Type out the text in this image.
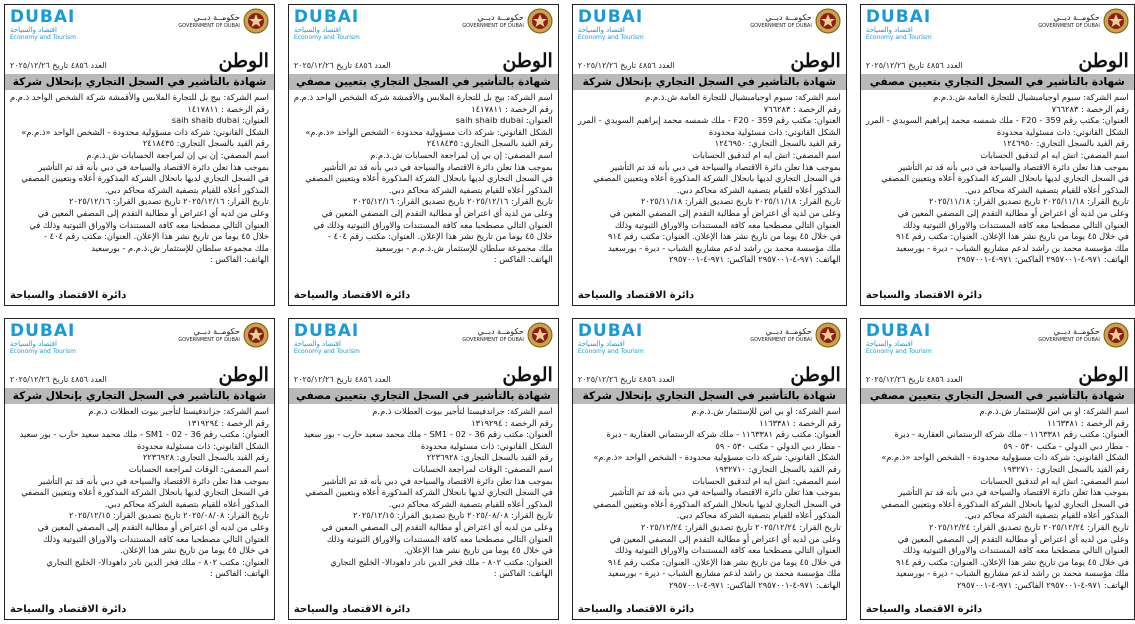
DUBAI
اقتصاد والسياحة
Economy and Tourism
حكومــة دبــي
GOVERNMENT OF DUBAI
الوطن
العدد ٤٨٥٦ تاريخ ٢٠٢٥/١٢/٢٦
شهادة بالتأشير في السجل التجاري بإنحلال شركة
اسم الشركة: بيج بل للتجارة الملابس والأقمشة شركة الشخص الواحد ذ.م.م
رقم الرخصة : ١٤١٧٨١١
العنوان: saih shaib dubai
الشكل القانوني: شركة ذات مسؤولية محدودة - الشخص الواحد «ذ.م.م»
رقم القيد بالسجل التجاري: ٢٤١٨٤٣٥
اسم المصفي: إن بي إن لمراجعة الحسابات ش.ذ.م.م
بموجب هذا تعلن دائرة الاقتصاد والسياحة في دبي بأنه قد تم التأشير
في السجل التجاري لديها بانحلال الشركة المذكورة أعلاه وبتعيين المصفي
المذكور أعلاه للقيام بتصفية الشركة محاكم دبي.
تاريخ القرار: ٢٠٢٥/١٢/١٦ تاريخ تصديق القرار: ٢٠٢٥/١٢/١٦
وعلى من لديه أي اعتراض أو مطالبة التقدم إلى المصفي المعين في
العنوان التالي مصطحبا معه كافة المستندات والاوراق الثبوتية وذلك في
خلال ٤٥ يوما من تاريخ نشر هذا الإعلان. العنوان: مكتب رقم ٤٠٤ -
ملك مجموعة سلطان للإستثمار ش.ذ.م.م - بورسعيد
الهاتف: الفاكس :
دائرة الاقتصاد والسياحة
DUBAI
اقتصاد والسياحة
Economy and Tourism
حكومــة دبــي
GOVERNMENT OF DUBAI
الوطن
العدد ٤٨٥٦ تاريخ ٢٠٢٥/١٢/٢٦
شهادة بالتأشير في السجل التجاري بتعيين مصفي
اسم الشركة: بيج بل للتجارة الملابس والأقمشة شركة الشخص الواحد ذ.م.م
رقم الرخصة : ١٤١٧٨١١
العنوان: saih shaib dubai
الشكل القانوني: شركة ذات مسؤولية محدودة - الشخص الواحد «ذ.م.م»
رقم القيد بالسجل التجاري: ٢٤١٨٤٣٥
اسم المصفي: إن بي إن لمراجعة الحسابات ش.ذ.م.م
بموجب هذا تعلن دائرة الاقتصاد والسياحة في دبي بأنه قد تم التأشير
في السجل التجاري لديها بانحلال الشركة المذكورة أعلاه وبتعيين المصفي
المذكور أعلاه للقيام بتصفية الشركة محاكم دبي.
تاريخ القرار: ٢٠٢٥/١٢/١٦ تاريخ تصديق القرار: ٢٠٢٥/١٢/١٦
وعلى من لديه أي اعتراض أو مطالبة التقدم إلى المصفي المعين في
العنوان التالي مصطحبا معه كافة المستندات والاوراق الثبوتية وذلك في
خلال ٤٥ يوما من تاريخ نشر هذا الإعلان. العنوان: مكتب رقم ٤٠٤ -
ملك مجموعة سلطان للإستثمار ش.ذ.م.م - بورسعيد
الهاتف: الفاكس :
دائرة الاقتصاد والسياحة
DUBAI
اقتصاد والسياحة
Economy and Tourism
حكومــة دبــي
GOVERNMENT OF DUBAI
الوطن
العدد ٤٨٥٦ تاريخ ٢٠٢٥/١٢/٢٦
شهادة بالتأشير في السجل التجاري بإنحلال شركة
اسم الشركة: سيوم اوجيامبشيال للتجارة العامة ش.ذ.م.م
رقم الرخصة : ٧٦٦٢٨٣
العنوان: مكتب رقم 359 - F20 - ملك شمسه محمد إبراهيم السويدي - المرر
الشكل القانوني: ذات مسئولية محدودة
رقم القيد بالسجل التجاري: ١٢٤٦٩٥٠
اسم المصفي: اتش ايه ام لتدقيق الحسابات
بموجب هذا تعلن دائرة الاقتصاد والسياحة في دبي بأنه قد تم التأشير
في السجل التجاري لديها بانحلال الشركة المذكورة أعلاه وبتعيين المصفي
المذكور أعلاه للقيام بتصفية الشركة محاكم دبي.
تاريخ القرار: ٢٠٢٥/١١/١٨ تاريخ تصديق القرار: ٢٠٢٥/١١/١٨
وعلى من لديه أي اعتراض أو مطالبة التقدم إلى المصفي المعين في
العنوان التالي مصطحبا معه كافة المستندات والاوراق الثبوتية وذلك
في خلال ٤٥ يوما من تاريخ نشر هذا الإعلان. العنوان: مكتب رقم ٩١٤
ملك مؤسسة محمد بن راشد لدعم مشاريع الشباب - ديرة - بورسعيد
الهاتف: ٩٧١-٤-٢٩٥٧٠٠١ الفاكس: ٩٧١-٤-٢٩٥٧٠٠١
دائرة الاقتصاد والسياحة
DUBAI
اقتصاد والسياحة
Economy and Tourism
حكومــة دبــي
GOVERNMENT OF DUBAI
الوطن
العدد ٤٨٥٦ تاريخ ٢٠٢٥/١٢/٢٦
شهادة بالتأشير في السجل التجاري بتعيين مصفي
اسم الشركة: سيوم اوجيامبشيال للتجارة العامة ش.ذ.م.م
رقم الرخصة : ٧٦٦٢٨٣
العنوان: مكتب رقم 359 - F20 - ملك شمسه محمد إبراهيم السويدي - المرر
الشكل القانوني: ذات مسئولية محدودة
رقم القيد بالسجل التجاري: ١٢٤٦٩٥٠
اسم المصفي: اتش ايه ام لتدقيق الحسابات
بموجب هذا تعلن دائرة الاقتصاد والسياحة في دبي بأنه قد تم التأشير
في السجل التجاري لديها بانحلال الشركة المذكورة أعلاه وبتعيين المصفي
المذكور أعلاه للقيام بتصفية الشركة محاكم دبي.
تاريخ القرار: ٢٠٢٥/١١/١٨ تاريخ تصديق القرار: ٢٠٢٥/١١/١٨
وعلى من لديه أي اعتراض أو مطالبة التقدم إلى المصفي المعين في
العنوان التالي مصطحبا معه كافة المستندات والاوراق الثبوتية وذلك
في خلال ٤٥ يوما من تاريخ نشر هذا الإعلان. العنوان: مكتب رقم ٩١٤
ملك مؤسسة محمد بن راشد لدعم مشاريع الشباب - ديرة - بورسعيد
الهاتف: ٩٧١-٤-٢٩٥٧٠٠١ الفاكس: ٩٧١-٤-٢٩٥٧٠٠١
دائرة الاقتصاد والسياحة
DUBAI
اقتصاد والسياحة
Economy and Tourism
حكومــة دبــي
GOVERNMENT OF DUBAI
الوطن
العدد ٤٨٥٦ تاريخ ٢٠٢٥/١٢/٢٦
شهادة بالتأشير في السجل التجاري بإنحلال شركة
اسم الشركة: جراندفيستا لتأجير بيوت العطلات ذ.م.م
رقم الرخصة : ١٣١٩٢٩٤
العنوان: مكتب رقم 36 - 02 - SM1 - ملك محمد سعيد حارب - بور سعيد
الشكل القانوني: ذات مسئولية محدودة
رقم القيد بالسجل التجاري: ٢٢٣٦٩٢٨
اسم المصفي: الوقات لمراجعة الحسابات
بموجب هذا تعلن دائرة الاقتصاد والسياحة في دبي بأنه قد تم التأشير
في السجل التجاري لديها بانحلال الشركة المذكورة أعلاه وبتعيين المصفي
المذكور أعلاه للقيام بتصفية الشركة محاكم دبي.
تاريخ القرار: ٢٠٢٥/٠٨/٠٨ تاريخ تصديق القرار: ٢٠٢٥/١٢/١٥
وعلى من لديه أي اعتراض أو مطالبة التقدم إلى المصفي المعين في
العنوان التالي مصطحبا معه كافة المستندات والاوراق الثبوتية وذلك
في خلال ٤٥ يوما من تاريخ نشر هذا الإعلان.
العنوان: مكتب ٨٠٢ - ملك فخر الدين نادر داهودالا- الخليج التجاري
الهاتف: الفاكس :
دائرة الاقتصاد والسياحة
DUBAI
اقتصاد والسياحة
Economy and Tourism
حكومــة دبــي
GOVERNMENT OF DUBAI
الوطن
العدد ٤٨٥٦ تاريخ ٢٠٢٥/١٢/٢٦
شهادة بالتأشير في السجل التجاري بتعيين مصفي
اسم الشركة: جراندفيستا لتأجير بيوت العطلات ذ.م.م
رقم الرخصة : ١٣١٩٢٩٤
العنوان: مكتب رقم 36 - 02 - SM1 - ملك محمد سعيد حارب - بور سعيد
الشكل القانوني: ذات مسئولية محدودة
رقم القيد بالسجل التجاري: ٢٢٣٦٩٢٨
اسم المصفي: الوقات لمراجعة الحسابات
بموجب هذا تعلن دائرة الاقتصاد والسياحة في دبي بأنه قد تم التأشير
في السجل التجاري لديها بانحلال الشركة المذكورة أعلاه وبتعيين المصفي
المذكور أعلاه للقيام بتصفية الشركة محاكم دبي.
تاريخ القرار: ٢٠٢٥/٠٨/٠٨ تاريخ تصديق القرار: ٢٠٢٥/١٢/١٥
وعلى من لديه أي اعتراض أو مطالبة التقدم إلى المصفي المعين في
العنوان التالي مصطحبا معه كافة المستندات والاوراق الثبوتية وذلك
في خلال ٤٥ يوما من تاريخ نشر هذا الإعلان.
العنوان: مكتب ٨٠٢ - ملك فخر الدين نادر داهودالا- الخليج التجاري
الهاتف: الفاكس :
دائرة الاقتصاد والسياحة
DUBAI
اقتصاد والسياحة
Economy and Tourism
حكومــة دبــي
GOVERNMENT OF DUBAI
الوطن
العدد ٤٨٥٦ تاريخ ٢٠٢٥/١٢/٢٦
شهادة بالتأشير في السجل التجاري بإنحلال شركة
اسم الشركة: او بي اس للإستثمار ش.ذ.م.م
رقم الرخصة : ١١٦٣٣٨١
العنوان: مكتب رقم ١١٦٣٣٨١ - ملك شركة الرستماني العقارية - ديرة
- مطار دبي الدولي - مكتب ٥٣٠ - ٥٩
الشكل القانوني: شركة ذات مسؤولية محدودة - الشخص الواحد «ذ.م.م»
رقم القيد بالسجل التجاري: ١٩٣٢٧١٠
اسم المصفي: اتش ايه ام لتدقيق الحسابات
بموجب هذا تعلن دائرة الاقتصاد والسياحة في دبي بأنه قد تم التأشير
في السجل التجاري لديها بانحلال الشركة المذكورة أعلاه وبتعيين المصفي
المذكور أعلاه للقيام بتصفية الشركة محاكم دبي.
تاريخ القرار: ٢٠٢٥/١٢/٢٤ تاريخ تصديق القرار: ٢٠٢٥/١٢/٢٤
وعلى من لديه أي اعتراض أو مطالبة التقدم إلى المصفي المعين في
العنوان التالي مصطحبا معه كافة المستندات والاوراق الثبوتية وذلك
في خلال ٤٥ يوما من تاريخ نشر هذا الإعلان. العنوان: مكتب رقم ٩١٤
ملك مؤسسة محمد بن راشد لدعم مشاريع الشباب - ديرة - بورسعيد
الهاتف: ٩٧١-٤-٢٩٥٧٠٠١ الفاكس: ٩٧١-٤-٢٩٥٧٠٠١
دائرة الاقتصاد والسياحة
DUBAI
اقتصاد والسياحة
Economy and Tourism
حكومــة دبــي
GOVERNMENT OF DUBAI
الوطن
العدد ٤٨٥٦ تاريخ ٢٠٢٥/١٢/٢٦
شهادة بالتأشير في السجل التجاري بتعيين مصفي
اسم الشركة: او بي اس للإستثمار ش.ذ.م.م
رقم الرخصة : ١١٦٣٣٨١
العنوان: مكتب رقم ١١٦٣٣٨١ - ملك شركة الرستماني العقارية - ديرة
- مطار دبي الدولي - مكتب ٥٣٠ - ٥٩
الشكل القانوني: شركة ذات مسؤولية محدودة - الشخص الواحد «ذ.م.م»
رقم القيد بالسجل التجاري: ١٩٣٢٧١٠
اسم المصفي: اتش ايه ام لتدقيق الحسابات
بموجب هذا تعلن دائرة الاقتصاد والسياحة في دبي بأنه قد تم التأشير
في السجل التجاري لديها بانحلال الشركة المذكورة أعلاه وبتعيين المصفي
المذكور أعلاه للقيام بتصفية الشركة محاكم دبي.
تاريخ القرار: ٢٠٢٥/١٢/٢٤ تاريخ تصديق القرار: ٢٠٢٥/١٢/٢٤
وعلى من لديه أي اعتراض أو مطالبة التقدم إلى المصفي المعين في
العنوان التالي مصطحبا معه كافة المستندات والاوراق الثبوتية وذلك
في خلال ٤٥ يوما من تاريخ نشر هذا الإعلان. العنوان: مكتب رقم ٩١٤
ملك مؤسسة محمد بن راشد لدعم مشاريع الشباب - ديرة - بورسعيد
الهاتف: ٩٧١-٤-٢٩٥٧٠٠١ الفاكس: ٩٧١-٤-٢٩٥٧٠٠١
دائرة الاقتصاد والسياحة
